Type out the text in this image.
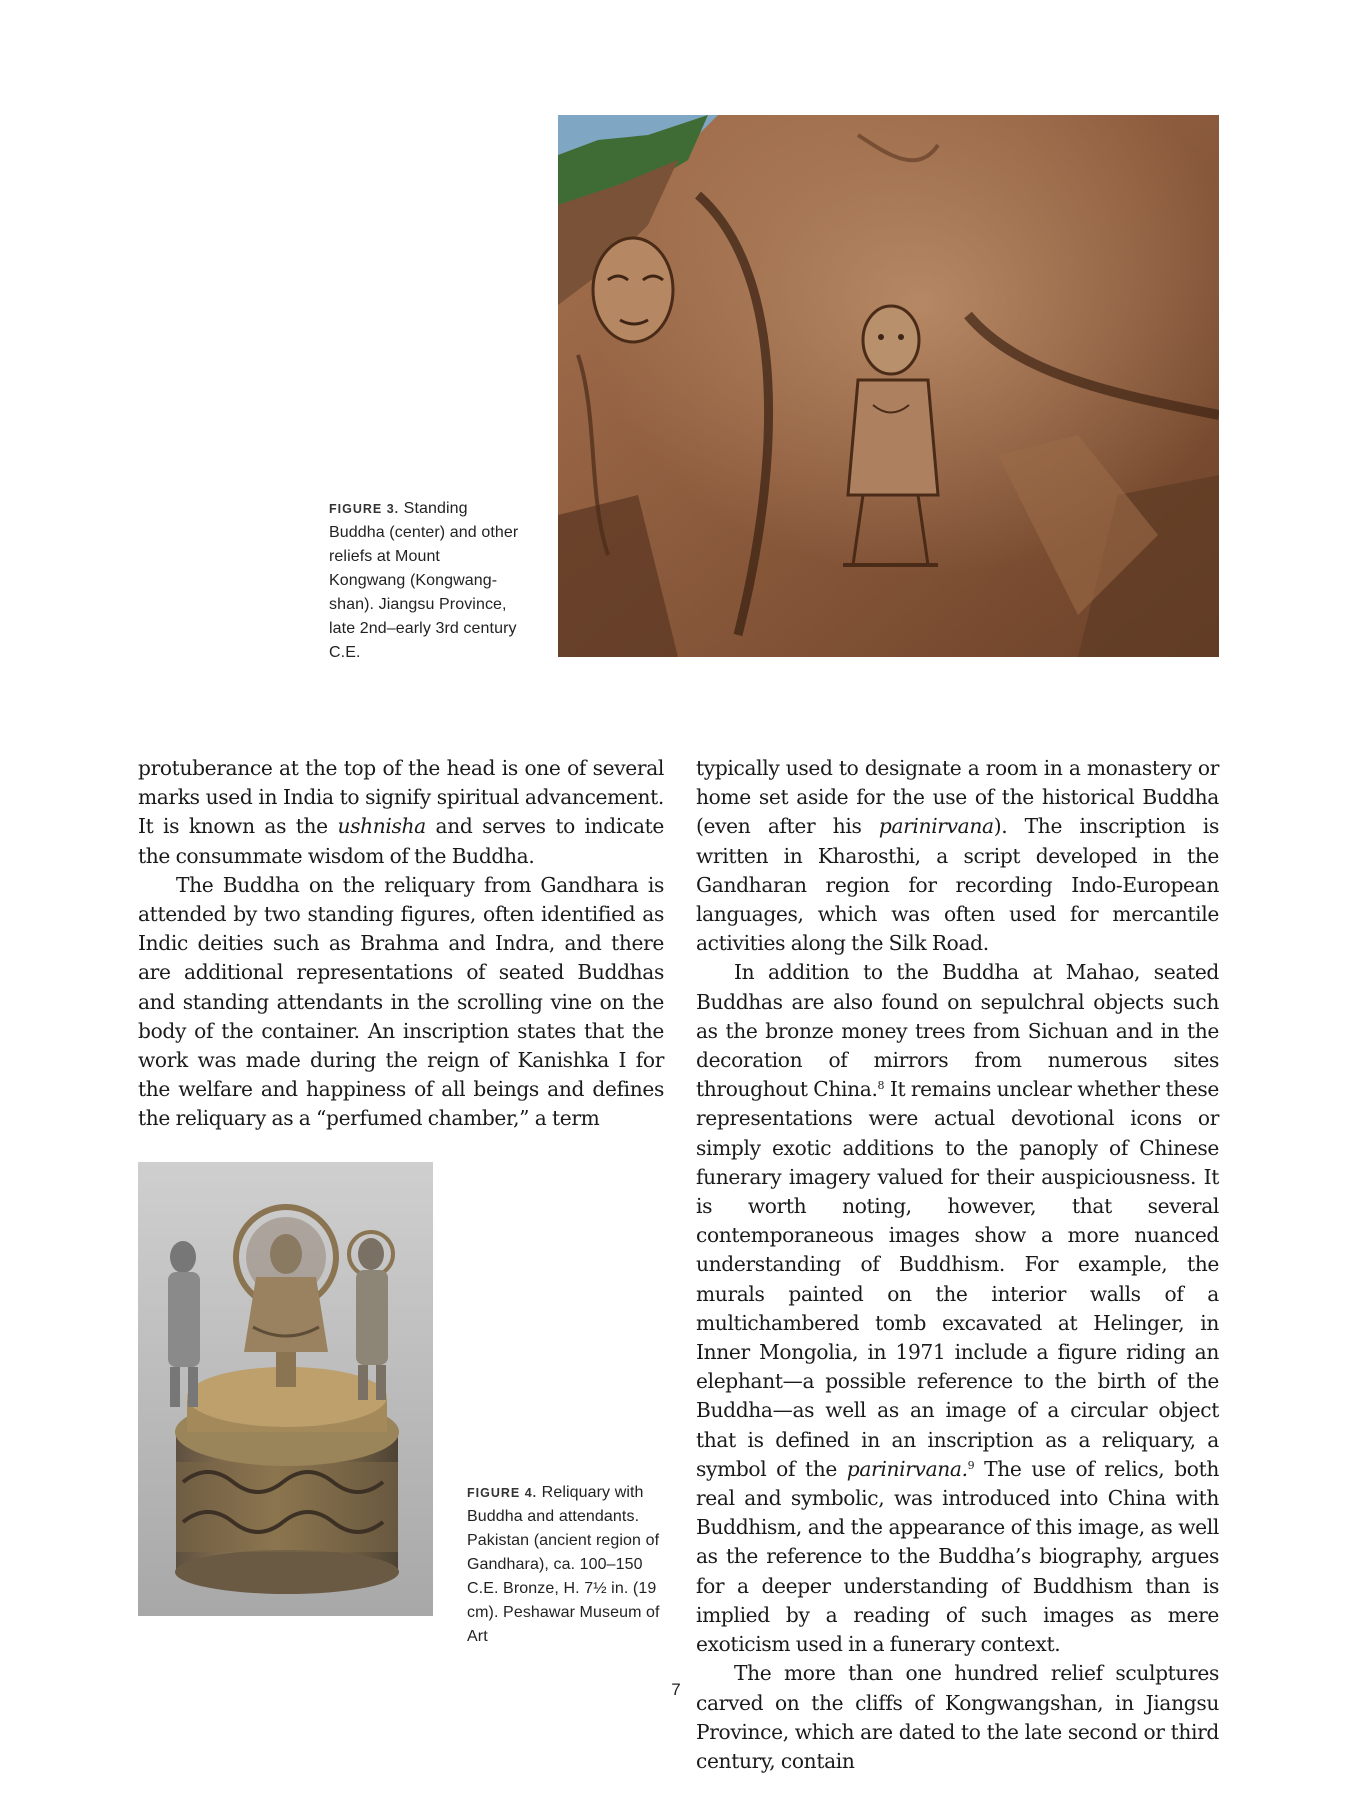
FIGURE 3. Standing Buddha (center) and other reliefs at Mount Kongwang (Kongwang-shan). Jiangsu Province, late 2nd–early 3rd century C.E.

protuberance at the top of the head is one of several marks used in India to signify spiritual advancement. It is known as the ushnisha and serves to indicate the consummate wisdom of the Buddha.

The Buddha on the reliquary from Gandhara is attended by two standing figures, often identified as Indic deities such as Brahma and Indra, and there are additional representations of seated Buddhas and standing attendants in the scrolling vine on the body of the container. An inscription states that the work was made during the reign of Kanishka I for the welfare and happiness of all beings and defines the reliquary as a “perfumed chamber,” a term

FIGURE 4. Reliquary with Buddha and attendants. Pakistan (ancient region of Gandhara), ca. 100–150 C.E. Bronze, H. 7½ in. (19 cm). Peshawar Museum of Art

typically used to designate a room in a monastery or home set aside for the use of the historical Buddha (even after his parinirvana). The inscription is written in Kharosthi, a script developed in the Gandharan region for recording Indo-European languages, which was often used for mercantile activities along the Silk Road.

In addition to the Buddha at Mahao, seated Buddhas are also found on sepulchral objects such as the bronze money trees from Sichuan and in the decoration of mirrors from numerous sites throughout China.$^8$ It remains unclear whether these representations were actual devotional icons or simply exotic additions to the panoply of Chinese funerary imagery valued for their auspiciousness. It is worth noting, however, that several contemporaneous images show a more nuanced understanding of Buddhism. For example, the murals painted on the interior walls of a multichambered tomb excavated at Helinger, in Inner Mongolia, in 1971 include a figure riding an elephant—a possible reference to the birth of the Buddha—as well as an image of a circular object that is defined in an inscription as a reliquary, a symbol of the parinirvana.$^9$ The use of relics, both real and symbolic, was introduced into China with Buddhism, and the appearance of this image, as well as the reference to the Buddha’s biography, argues for a deeper understanding of Buddhism than is implied by a reading of such images as mere exoticism used in a funerary context.

The more than one hundred relief sculptures carved on the cliffs of Kongwangshan, in Jiangsu Province, which are dated to the late second or third century, contain

7
